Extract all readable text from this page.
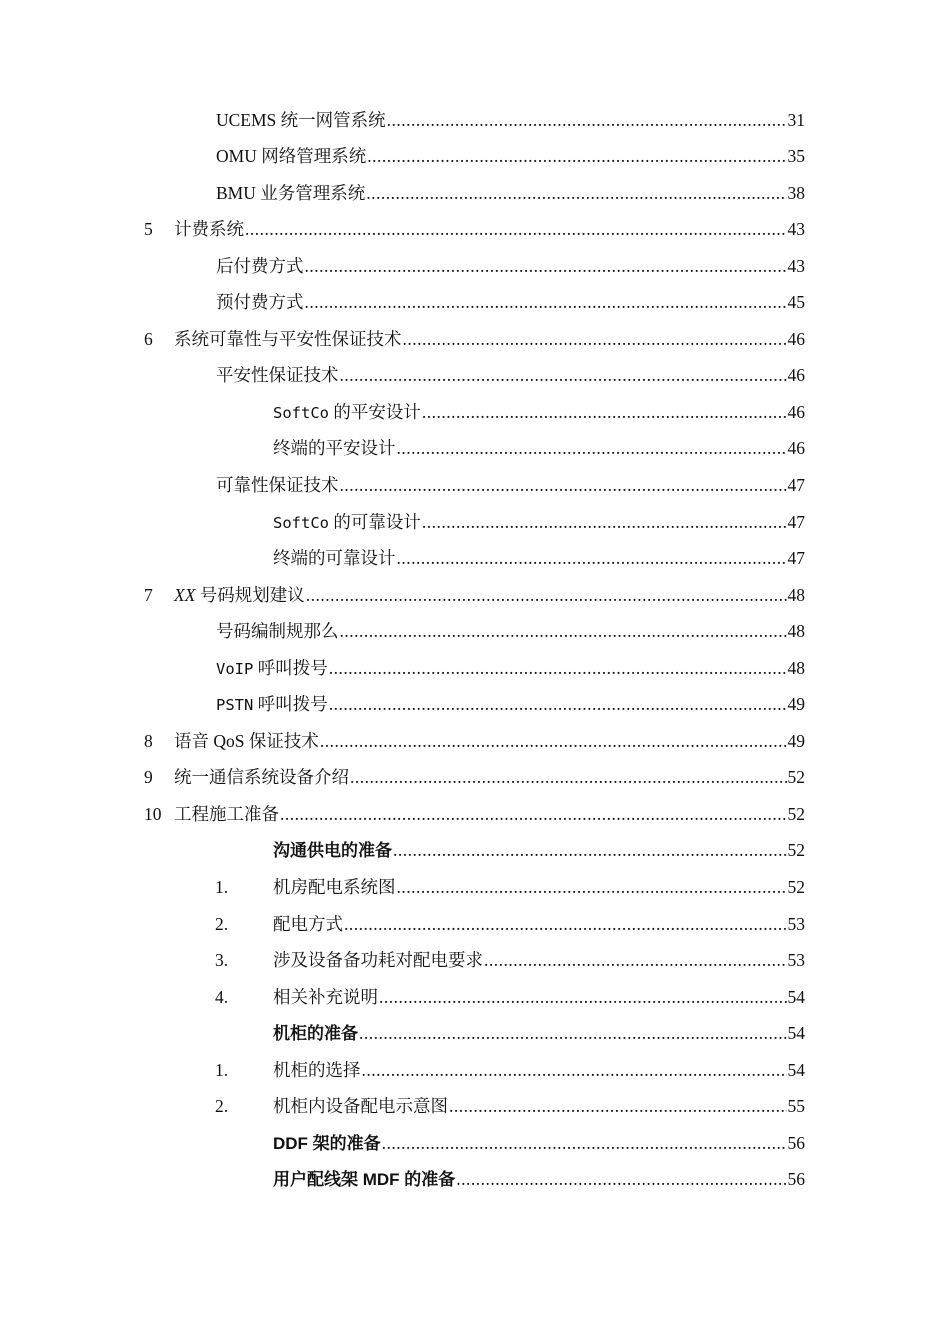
UCEMS 统一网管系统 .....	31
OMU 网络管理系统 .....	35
BMU 业务管理系统 .....	38
5	计费系统 .....	43
后付费方式 .....	43
预付费方式 .....	45
6	系统可靠性与平安性保证技术 .....	46
平安性保证技术 .....	46
SoftCo 的平安设计 .....	46
终端的平安设计 .....	46
可靠性保证技术 .....	47
SoftCo 的可靠设计 .....	47
终端的可靠设计 .....	47
7	XX 号码规划建议 .....	48
号码编制规那么 .....	48
VoIP 呼叫拨号 .....	48
PSTN 呼叫拨号 .....	49
8	语音 QoS 保证技术 .....	49
9	统一通信系统设备介绍 .....	52
10 工程施工准备 .....	52
沟通供电的准备 .....	52
1.	机房配电系统图 .....	52
2.	配电方式 .....	53
3.	涉及设备备功耗对配电要求 .....	53
4.	相关补充说明 .....	54
机柜的准备 .....	54
1.	机柜的选择 .....	54
2.	机柜内设备配电示意图 .....	55
DDF 架的准备 .....	56
用户配线架 MDF 的准备 .....	56
